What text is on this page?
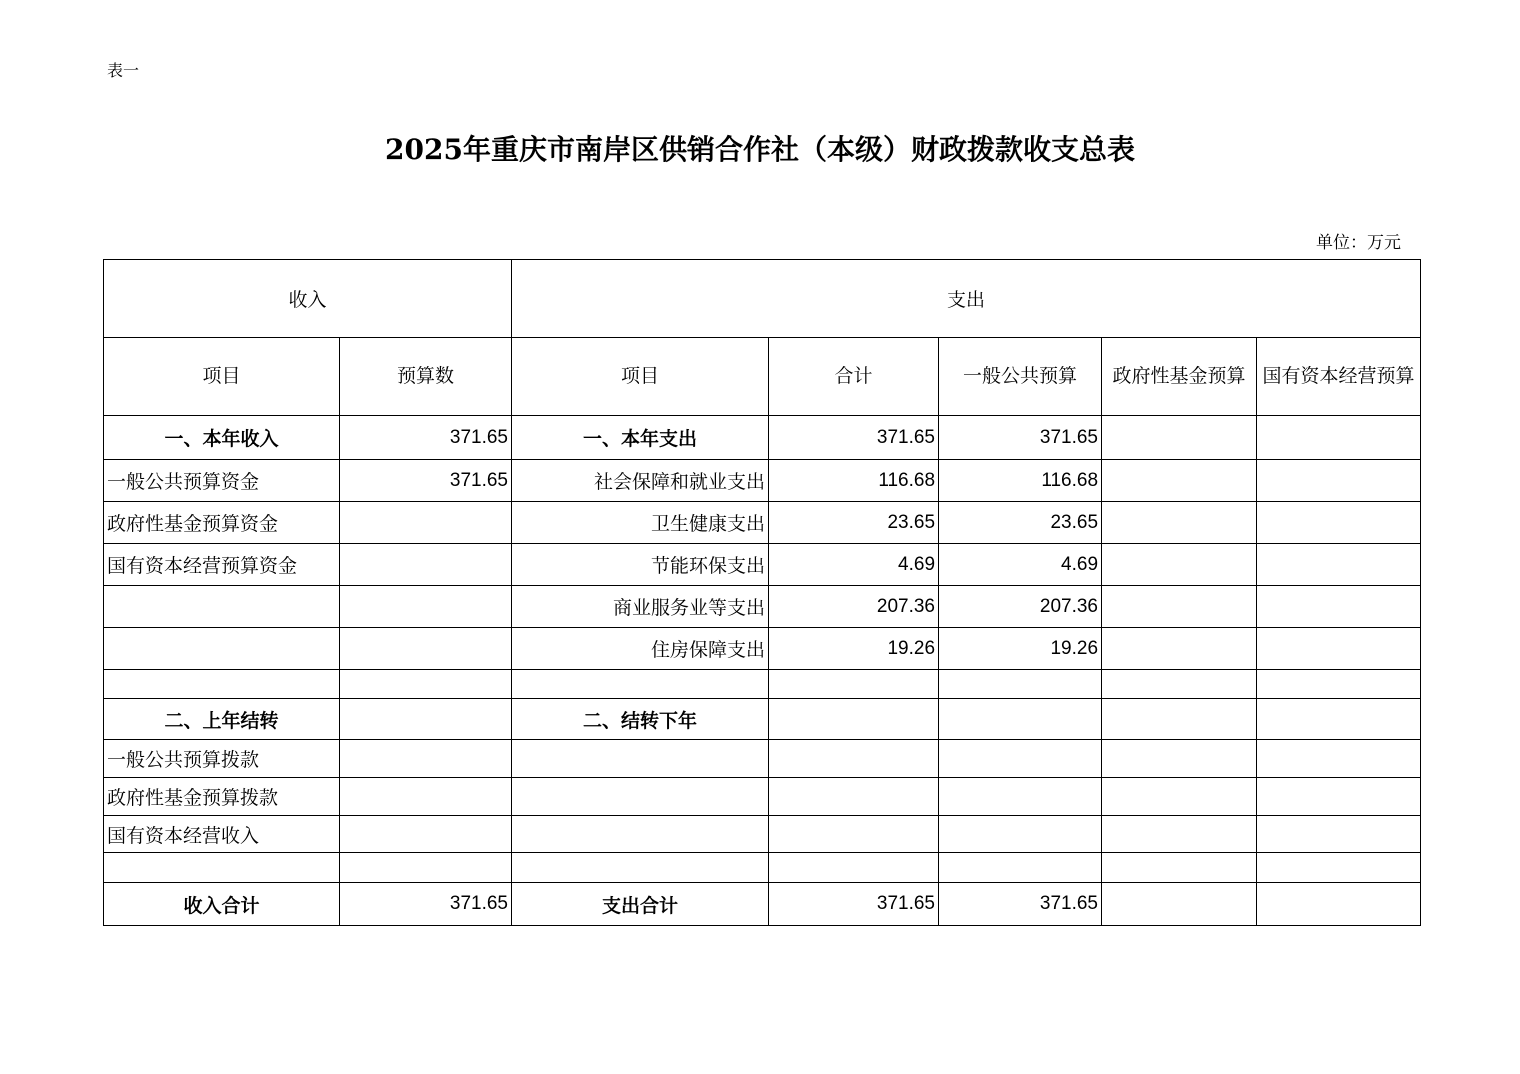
表一
2025年重庆市南岸区供销合作社（本级）财政拨款收支总表
单位：万元
收入		支出				
项目	预算数	项目	合计	一般公共预算	政府性基金预算	国有资本经营预算
一、本年收入	371.65	一、本年支出	371.65	371.65		
一般公共预算资金	371.65	社会保障和就业支出	116.68	116.68		
政府性基金预算资金		卫生健康支出	23.65	23.65		
国有资本经营预算资金		节能环保支出	4.69	4.69		
		商业服务业等支出	207.36	207.36		
		住房保障支出	19.26	19.26		

二、上年结转		二、结转下年				
一般公共预算拨款						
政府性基金预算拨款						
国有资本经营收入						

收入合计	371.65	支出合计	371.65	371.65		
